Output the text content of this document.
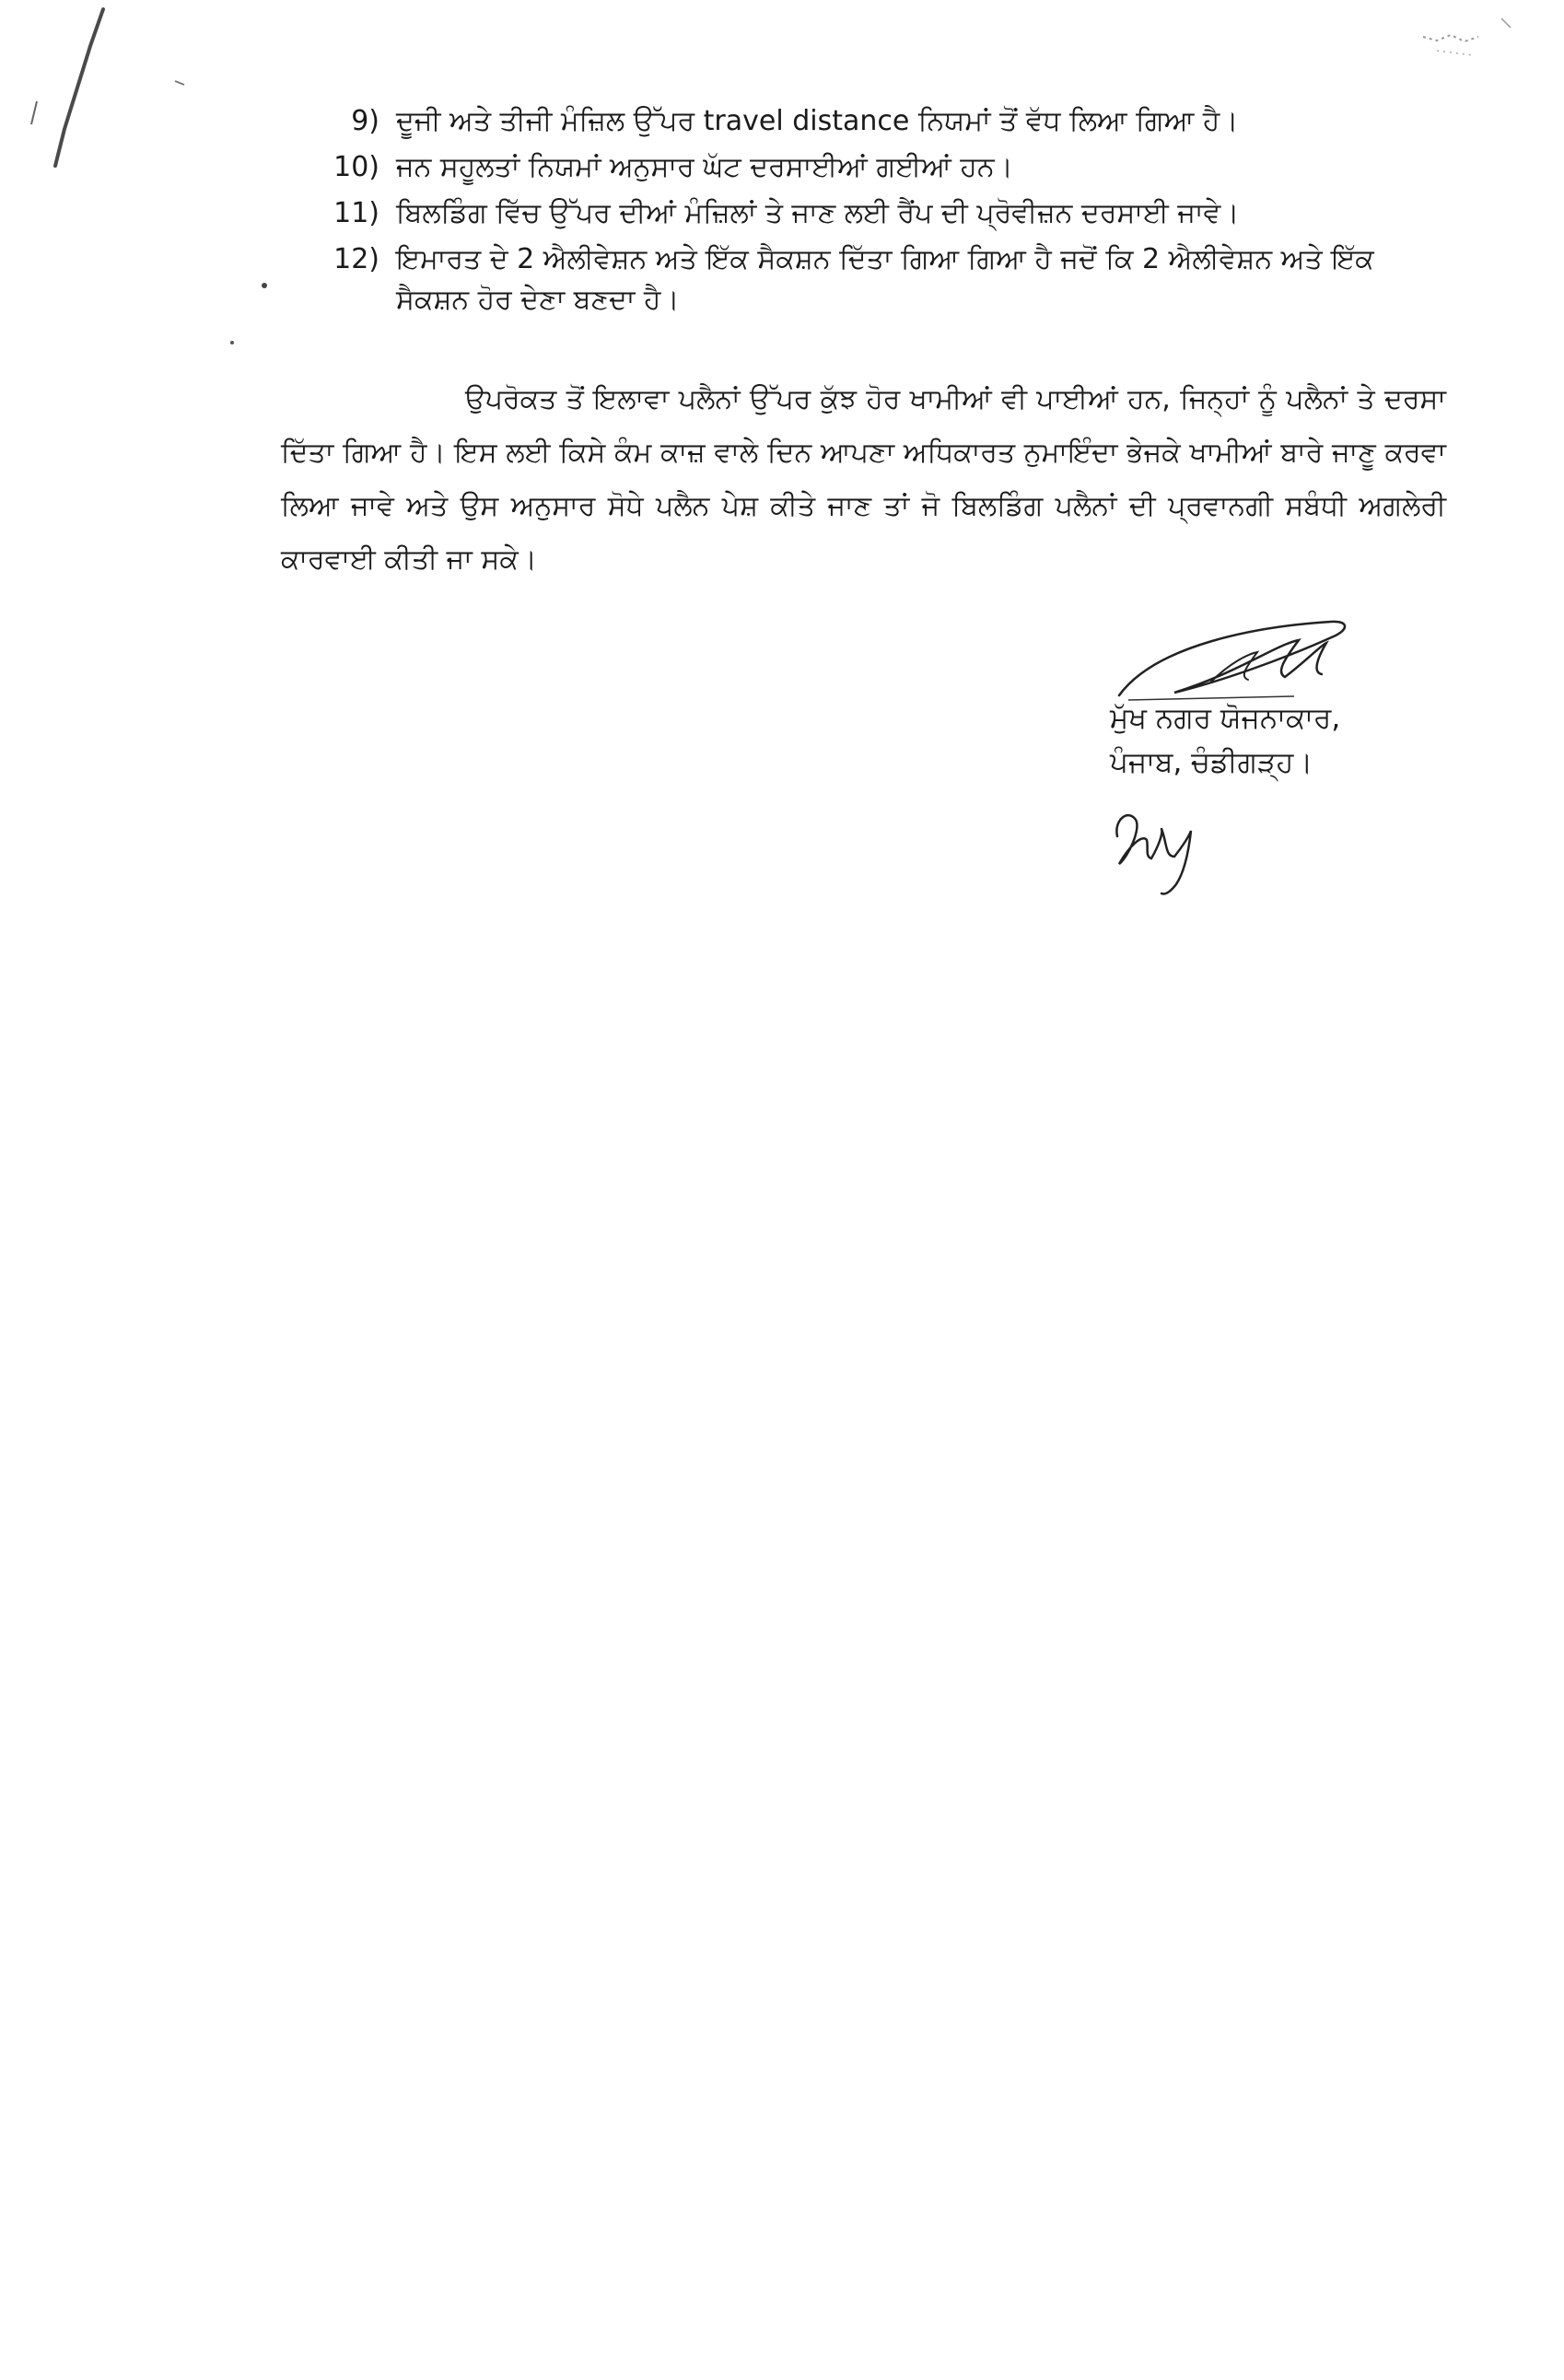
9) ਦੂਜੀ ਅਤੇ ਤੀਜੀ ਮੰਜ਼ਿਲ ਉੱਪਰ travel distance ਨਿਯਮਾਂ ਤੋਂ ਵੱਧ ਲਿਆ ਗਿਆ ਹੈ।
10) ਜਨ ਸਹੂਲਤਾਂ ਨਿਯਮਾਂ ਅਨੁਸਾਰ ਘੱਟ ਦਰਸਾਈਆਂ ਗਈਆਂ ਹਨ।
11) ਬਿਲਡਿੰਗ ਵਿੱਚ ਉੱਪਰ ਦੀਆਂ ਮੰਜ਼ਿਲਾਂ ਤੇ ਜਾਣ ਲਈ ਰੈਂਪ ਦੀ ਪ੍ਰੋਵੀਜ਼ਨ ਦਰਸਾਈ ਜਾਵੇ।
12) ਇਮਾਰਤ ਦੇ 2 ਐਲੀਵੇਸ਼ਨ ਅਤੇ ਇੱਕ ਸੈਕਸ਼ਨ ਦਿੱਤਾ ਗਿਆ ਗਿਆ ਹੈ ਜਦੋਂ ਕਿ 2 ਐਲੀਵੇਸ਼ਨ ਅਤੇ ਇੱਕ ਸੈਕਸ਼ਨ ਹੋਰ ਦੇਣਾ ਬਣਦਾ ਹੈ।

ਉਪਰੋਕਤ ਤੋਂ ਇਲਾਵਾ ਪਲੈਨਾਂ ਉੱਪਰ ਕੁੱਝ ਹੋਰ ਖਾਮੀਆਂ ਵੀ ਪਾਈਆਂ ਹਨ, ਜਿਨ੍ਹਾਂ ਨੂੰ ਪਲੈਨਾਂ ਤੇ ਦਰਸਾ ਦਿੱਤਾ ਗਿਆ ਹੈ। ਇਸ ਲਈ ਕਿਸੇ ਕੰਮ ਕਾਜ਼ ਵਾਲੇ ਦਿਨ ਆਪਣਾ ਅਧਿਕਾਰਤ ਨੁਮਾਇੰਦਾ ਭੇਜਕੇ ਖਾਮੀਆਂ ਬਾਰੇ ਜਾਣੂ ਕਰਵਾ ਲਿਆ ਜਾਵੇ ਅਤੇ ਉਸ ਅਨੁਸਾਰ ਸੋਧੇ ਪਲੈਨ ਪੇਸ਼ ਕੀਤੇ ਜਾਣ ਤਾਂ ਜੋ ਬਿਲਡਿੰਗ ਪਲੈਨਾਂ ਦੀ ਪ੍ਰਵਾਨਗੀ ਸਬੰਧੀ ਅਗਲੇਰੀ ਕਾਰਵਾਈ ਕੀਤੀ ਜਾ ਸਕੇ।

ਮੁੱਖ ਨਗਰ ਯੋਜਨਾਕਾਰ,
ਪੰਜਾਬ, ਚੰਡੀਗੜ੍ਹ।
